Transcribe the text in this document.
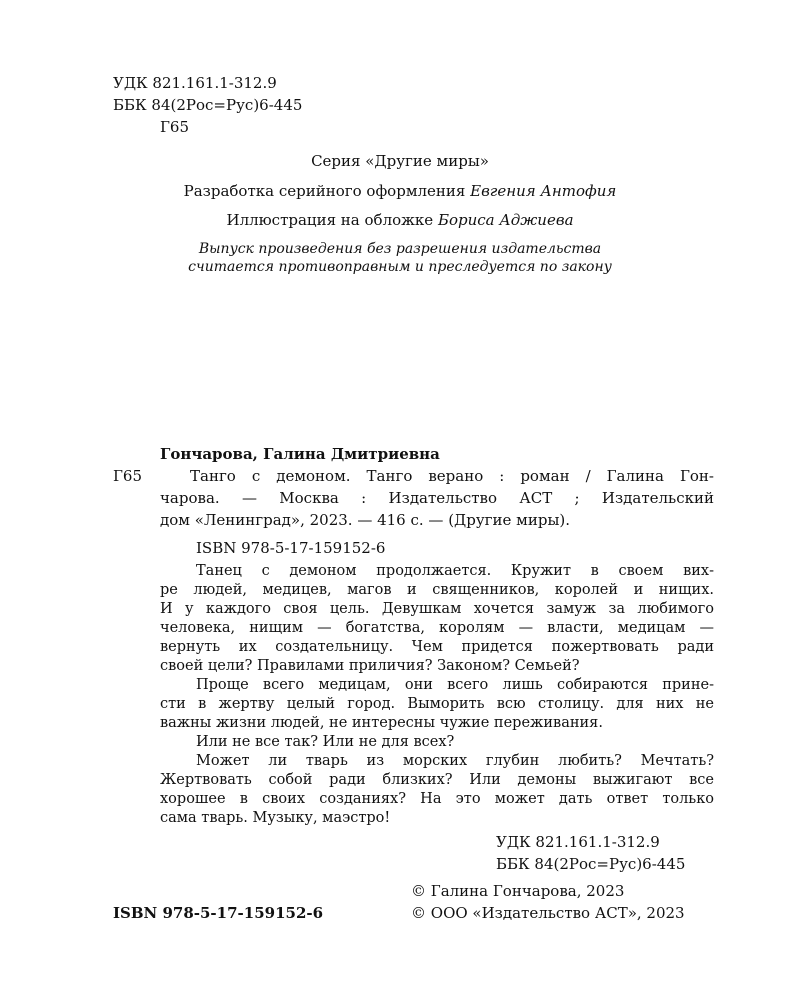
УДК 821.161.1-312.9
ББК 84(2Рос=Рус)6-445
Г65
Серия «Другие миры»
Разработка серийного оформления Евгения Антофия
Иллюстрация на обложке Бориса Аджиева
Выпуск произведения без разрешения издательства
считается противоправным и преследуется по закону
Гончарова, Галина Дмитриевна
Г65	Танго с демоном. Танго верано : роман / Галина Гон-
чарова. — Москва : Издательство АСТ ; Издательский
дом «Ленинград», 2023. — 416 с. — (Другие миры).
ISBN 978-5-17-159152-6
Танец с демоном продолжается. Кружит в своем вих-
ре людей, медицев, магов и священников, королей и нищих.
И у каждого своя цель. Девушкам хочется замуж за любимого
человека, нищим — богатства, королям — власти, медицам —
вернуть их создательницу. Чем придется пожертвовать ради
своей цели? Правилами приличия? Законом? Семьей?
Проще всего медицам, они всего лишь собираются прине-
сти в жертву целый город. Выморить всю столицу. для них не
важны жизни людей, не интересны чужие переживания.
Или не все так? Или не для всех?
Может ли тварь из морских глубин любить? Мечтать?
Жертвовать собой ради близких? Или демоны выжигают все
хорошее в своих созданиях? На это может дать ответ только
сама тварь. Музыку, маэстро!
УДК 821.161.1-312.9
ББК 84(2Рос=Рус)6-445
© Галина Гончарова, 2023
ISBN 978-5-17-159152-6	© ООО «Издательство АСТ», 2023
